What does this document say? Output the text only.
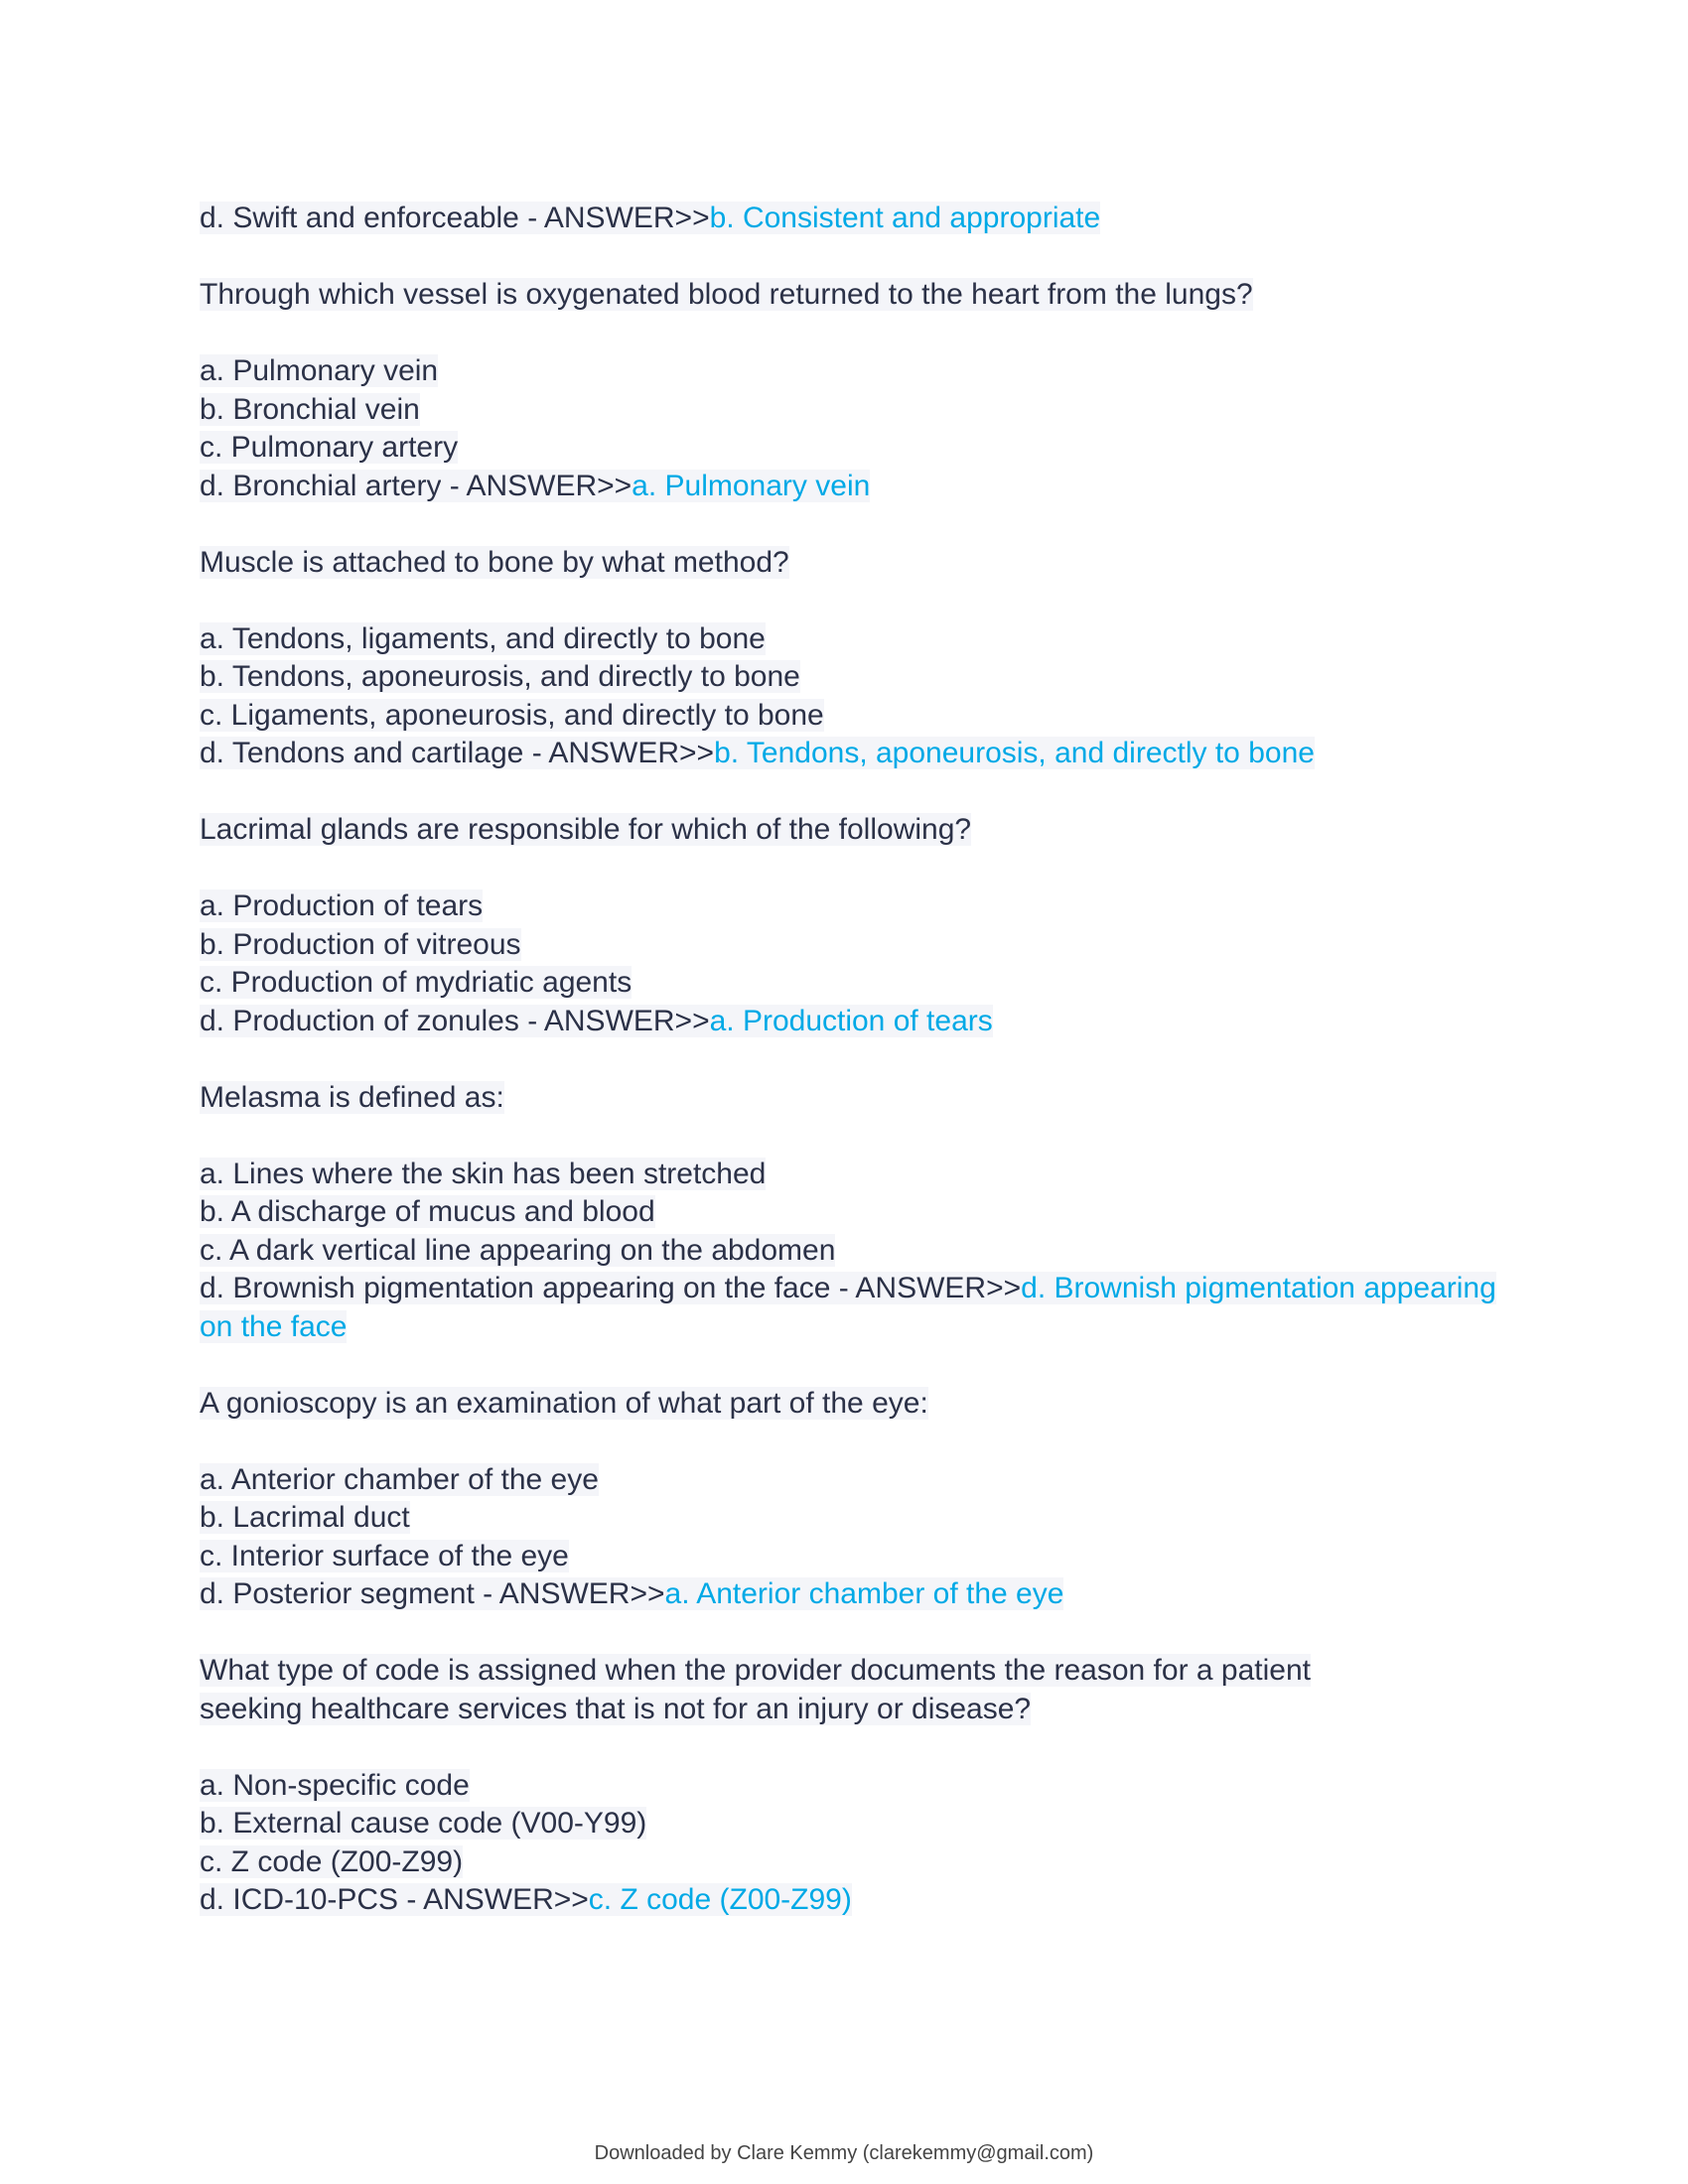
d. Swift and enforceable - ANSWER>>b. Consistent and appropriate
Through which vessel is oxygenated blood returned to the heart from the lungs?
a. Pulmonary vein
b. Bronchial vein
c. Pulmonary artery
d. Bronchial artery - ANSWER>>a. Pulmonary vein
Muscle is attached to bone by what method?
a. Tendons, ligaments, and directly to bone
b. Tendons, aponeurosis, and directly to bone
c. Ligaments, aponeurosis, and directly to bone
d. Tendons and cartilage - ANSWER>>b. Tendons, aponeurosis, and directly to bone
Lacrimal glands are responsible for which of the following?
a. Production of tears
b. Production of vitreous
c. Production of mydriatic agents
d. Production of zonules - ANSWER>>a. Production of tears
Melasma is defined as:
a. Lines where the skin has been stretched
b. A discharge of mucus and blood
c. A dark vertical line appearing on the abdomen
d. Brownish pigmentation appearing on the face - ANSWER>>d. Brownish pigmentation appearing on the face
A gonioscopy is an examination of what part of the eye:
a. Anterior chamber of the eye
b. Lacrimal duct
c. Interior surface of the eye
d. Posterior segment - ANSWER>>a. Anterior chamber of the eye
What type of code is assigned when the provider documents the reason for a patient
seeking healthcare services that is not for an injury or disease?
a. Non-specific code
b. External cause code (V00-Y99)
c. Z code (Z00-Z99)
d. ICD-10-PCS - ANSWER>>c. Z code (Z00-Z99)
Downloaded by Clare Kemmy (clarekemmy@gmail.com)
